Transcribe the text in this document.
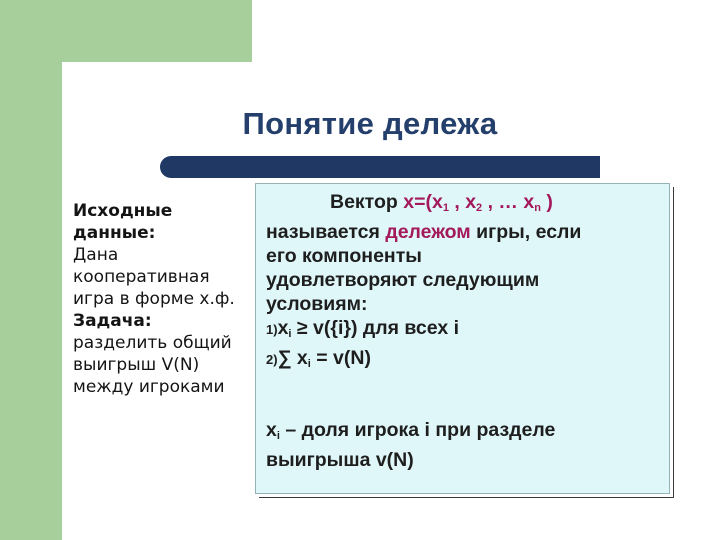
Понятие дележа
Исходные данные:
Дана кооперативная игра в форме х.ф.
Задача:
разделить общий выигрыш V(N) между игроками
Вектор $x=(x_1$ , $x_2$ , … $x_n$ )
называется дележом игры, если
его компоненты
удовлетворяют следующим
условиям:
$1)x_i \ge v(\{i\})$ для всех i
2)∑ $x_i = v(N)$
$x_i$ – доля игрока i при разделе
выигрыша v(N)
